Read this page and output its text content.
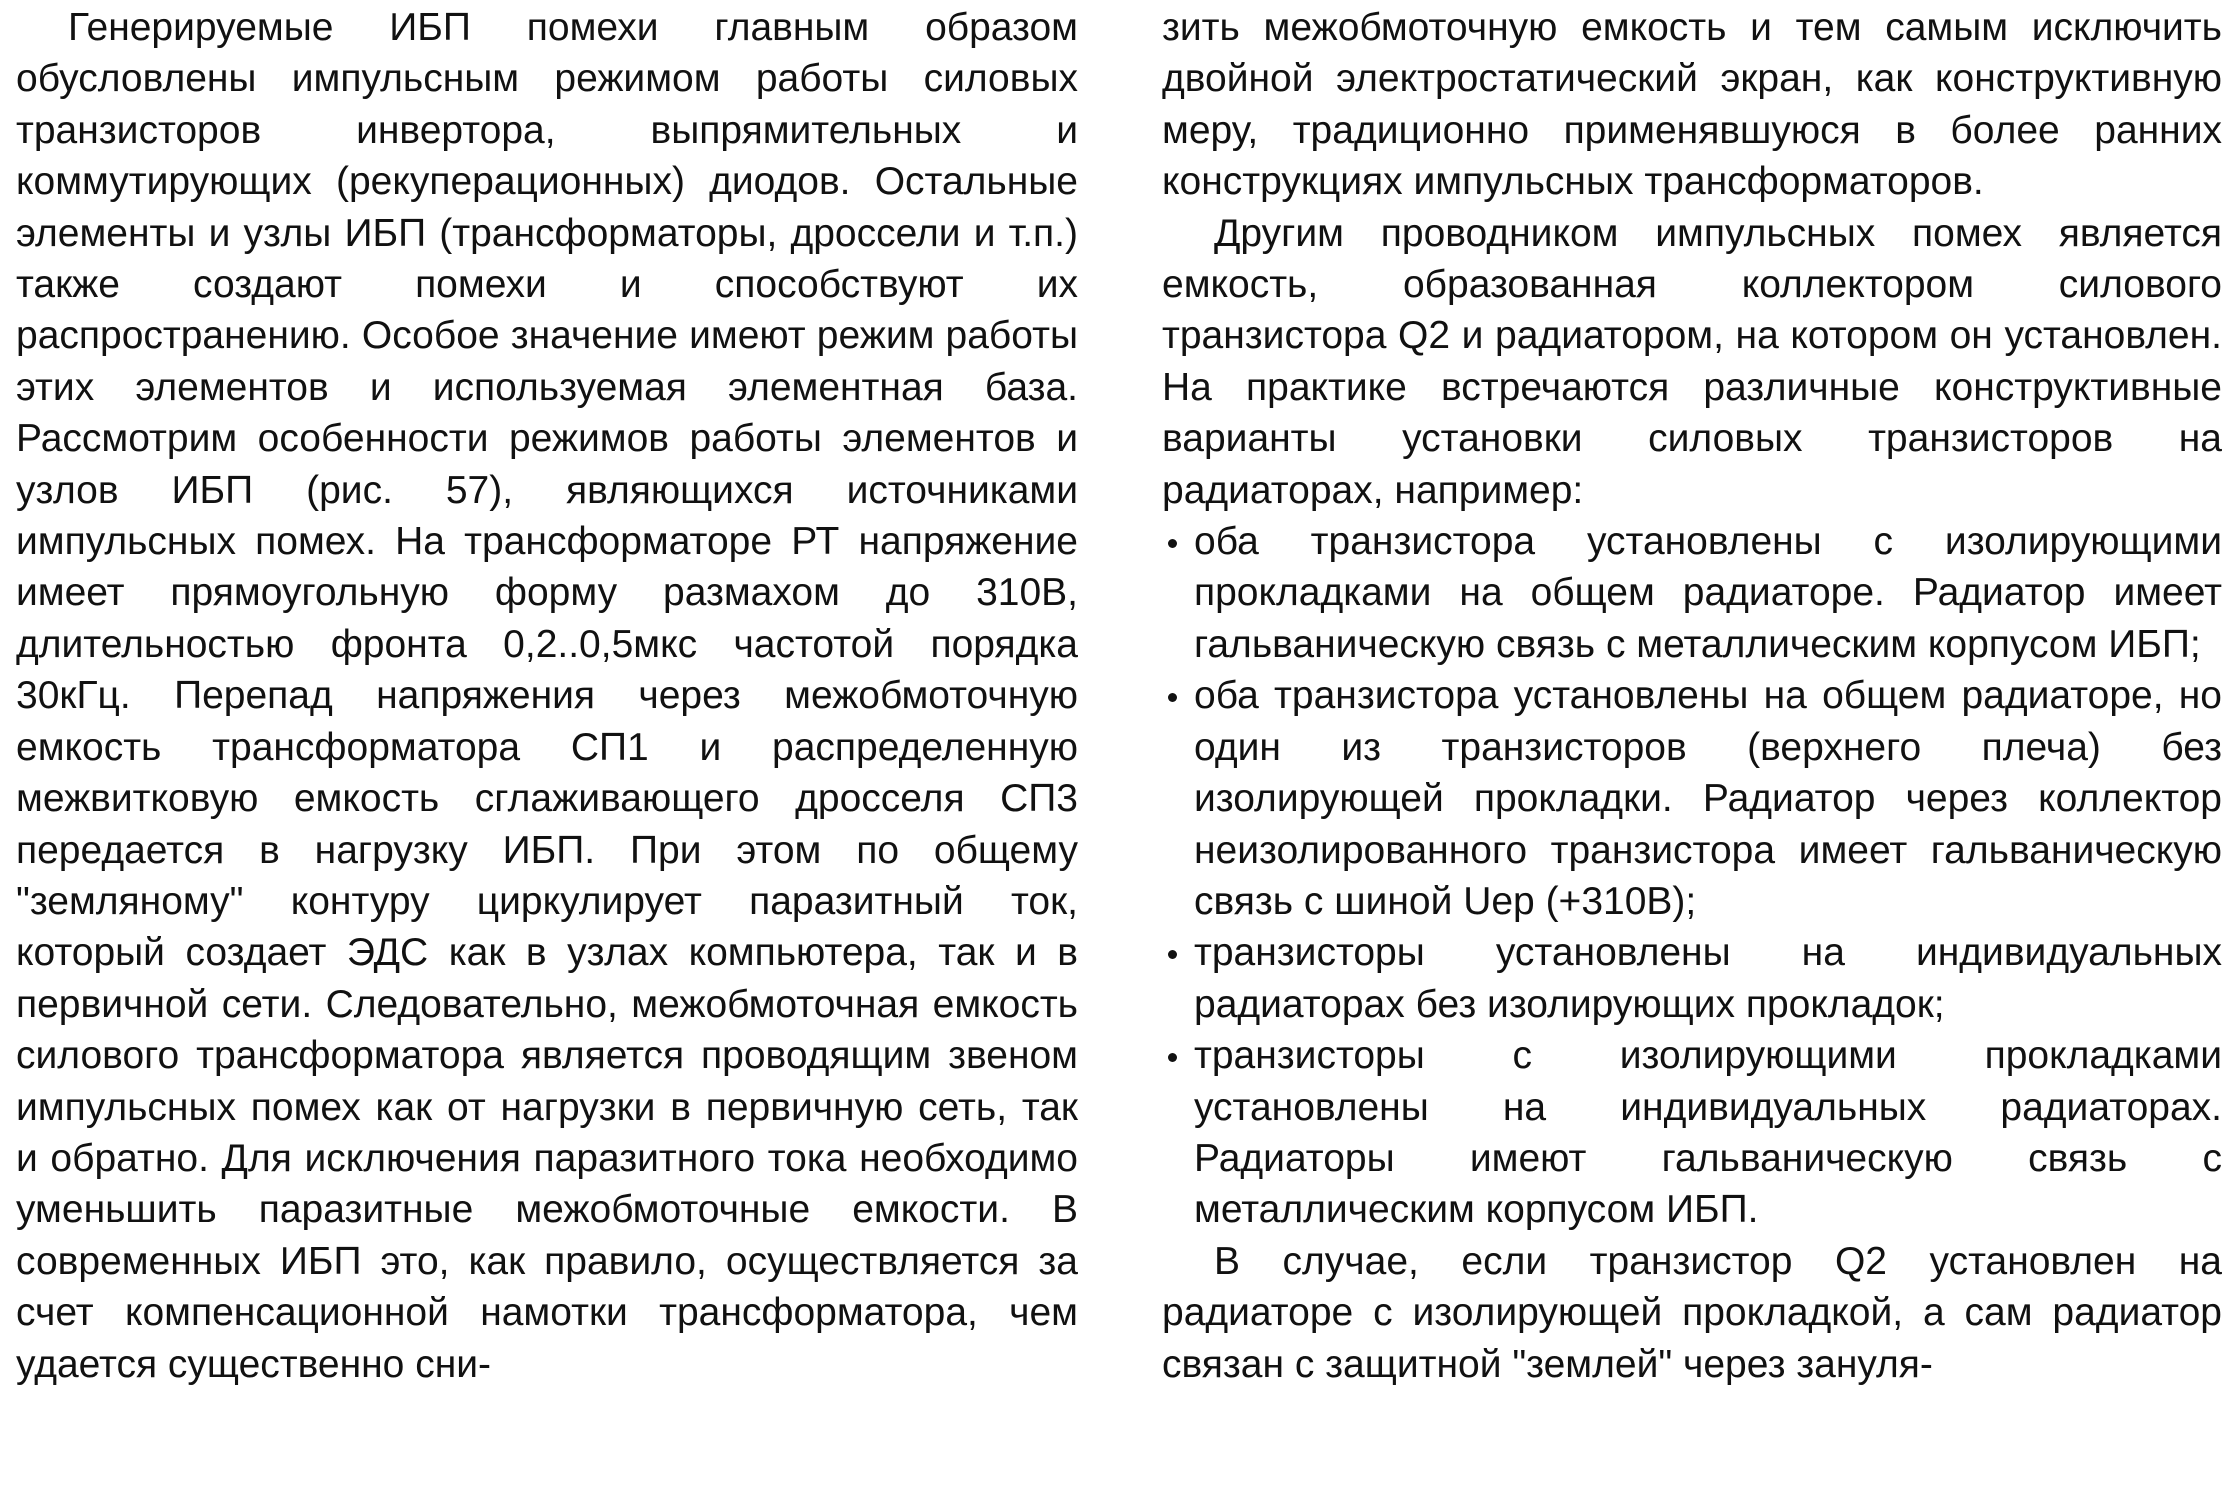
Генерируемые ИБП помехи главным образом обусловлены импульсным режимом работы силовых транзисторов инвертора, выпрямительных и коммутирующих (рекуперационных) диодов. Остальные элементы и узлы ИБП (трансформаторы, дроссели и т.п.) также создают помехи и способствуют их распространению. Особое значение имеют режим работы этих элементов и используемая элементная база. Рассмотрим особенности режимов работы элементов и узлов ИБП (рис. 57), являющихся источниками импульсных помех. На трансформаторе РТ напряжение имеет прямоугольную форму размахом до 310В, длительностью фронта 0,2..0,5мкс частотой порядка 30кГц. Перепад напряжения через межобмоточную емкость трансформатора СП1 и распределенную межвитковую емкость сглаживающего дросселя СП3 передается в нагрузку ИБП. При этом по общему "земляному" контуру циркулирует паразитный ток, который создает ЭДС как в узлах компьютера, так и в первичной сети. Следовательно, межобмоточная емкость силового трансформатора является проводящим звеном импульсных помех как от нагрузки в первичную сеть, так и обратно. Для исключения паразитного тока необходимо уменьшить паразитные межобмоточные емкости. В современных ИБП это, как правило, осуществляется за счет компенсационной намотки трансформатора, чем удается существенно сни-

зить межобмоточную емкость и тем самым исключить двойной электростатический экран, как конструктивную меру, традиционно применявшуюся в более ранних конструкциях импульсных трансформаторов.

Другим проводником импульсных помех является емкость, образованная коллектором силового транзистора Q2 и радиатором, на котором он установлен. На практике встречаются различные конструктивные варианты установки силовых транзисторов на радиаторах, например:

оба транзистора установлены с изолирующими прокладками на общем радиаторе. Радиатор имеет гальваническую связь с металлическим корпусом ИБП;
оба транзистора установлены на общем радиаторе, но один из транзисторов (верхнего плеча) без изолирующей прокладки. Радиатор через коллектор неизолированного транзистора имеет гальваническую связь с шиной Uep (+310В);
транзисторы установлены на индивидуальных радиаторах без изолирующих прокладок;
транзисторы с изолирующими прокладками установлены на индивидуальных радиаторах. Радиаторы имеют гальваническую связь с металлическим корпусом ИБП.

В случае, если транзистор Q2 установлен на радиаторе с изолирующей прокладкой, а сам радиатор связан с защитной "землей" через зануля-
